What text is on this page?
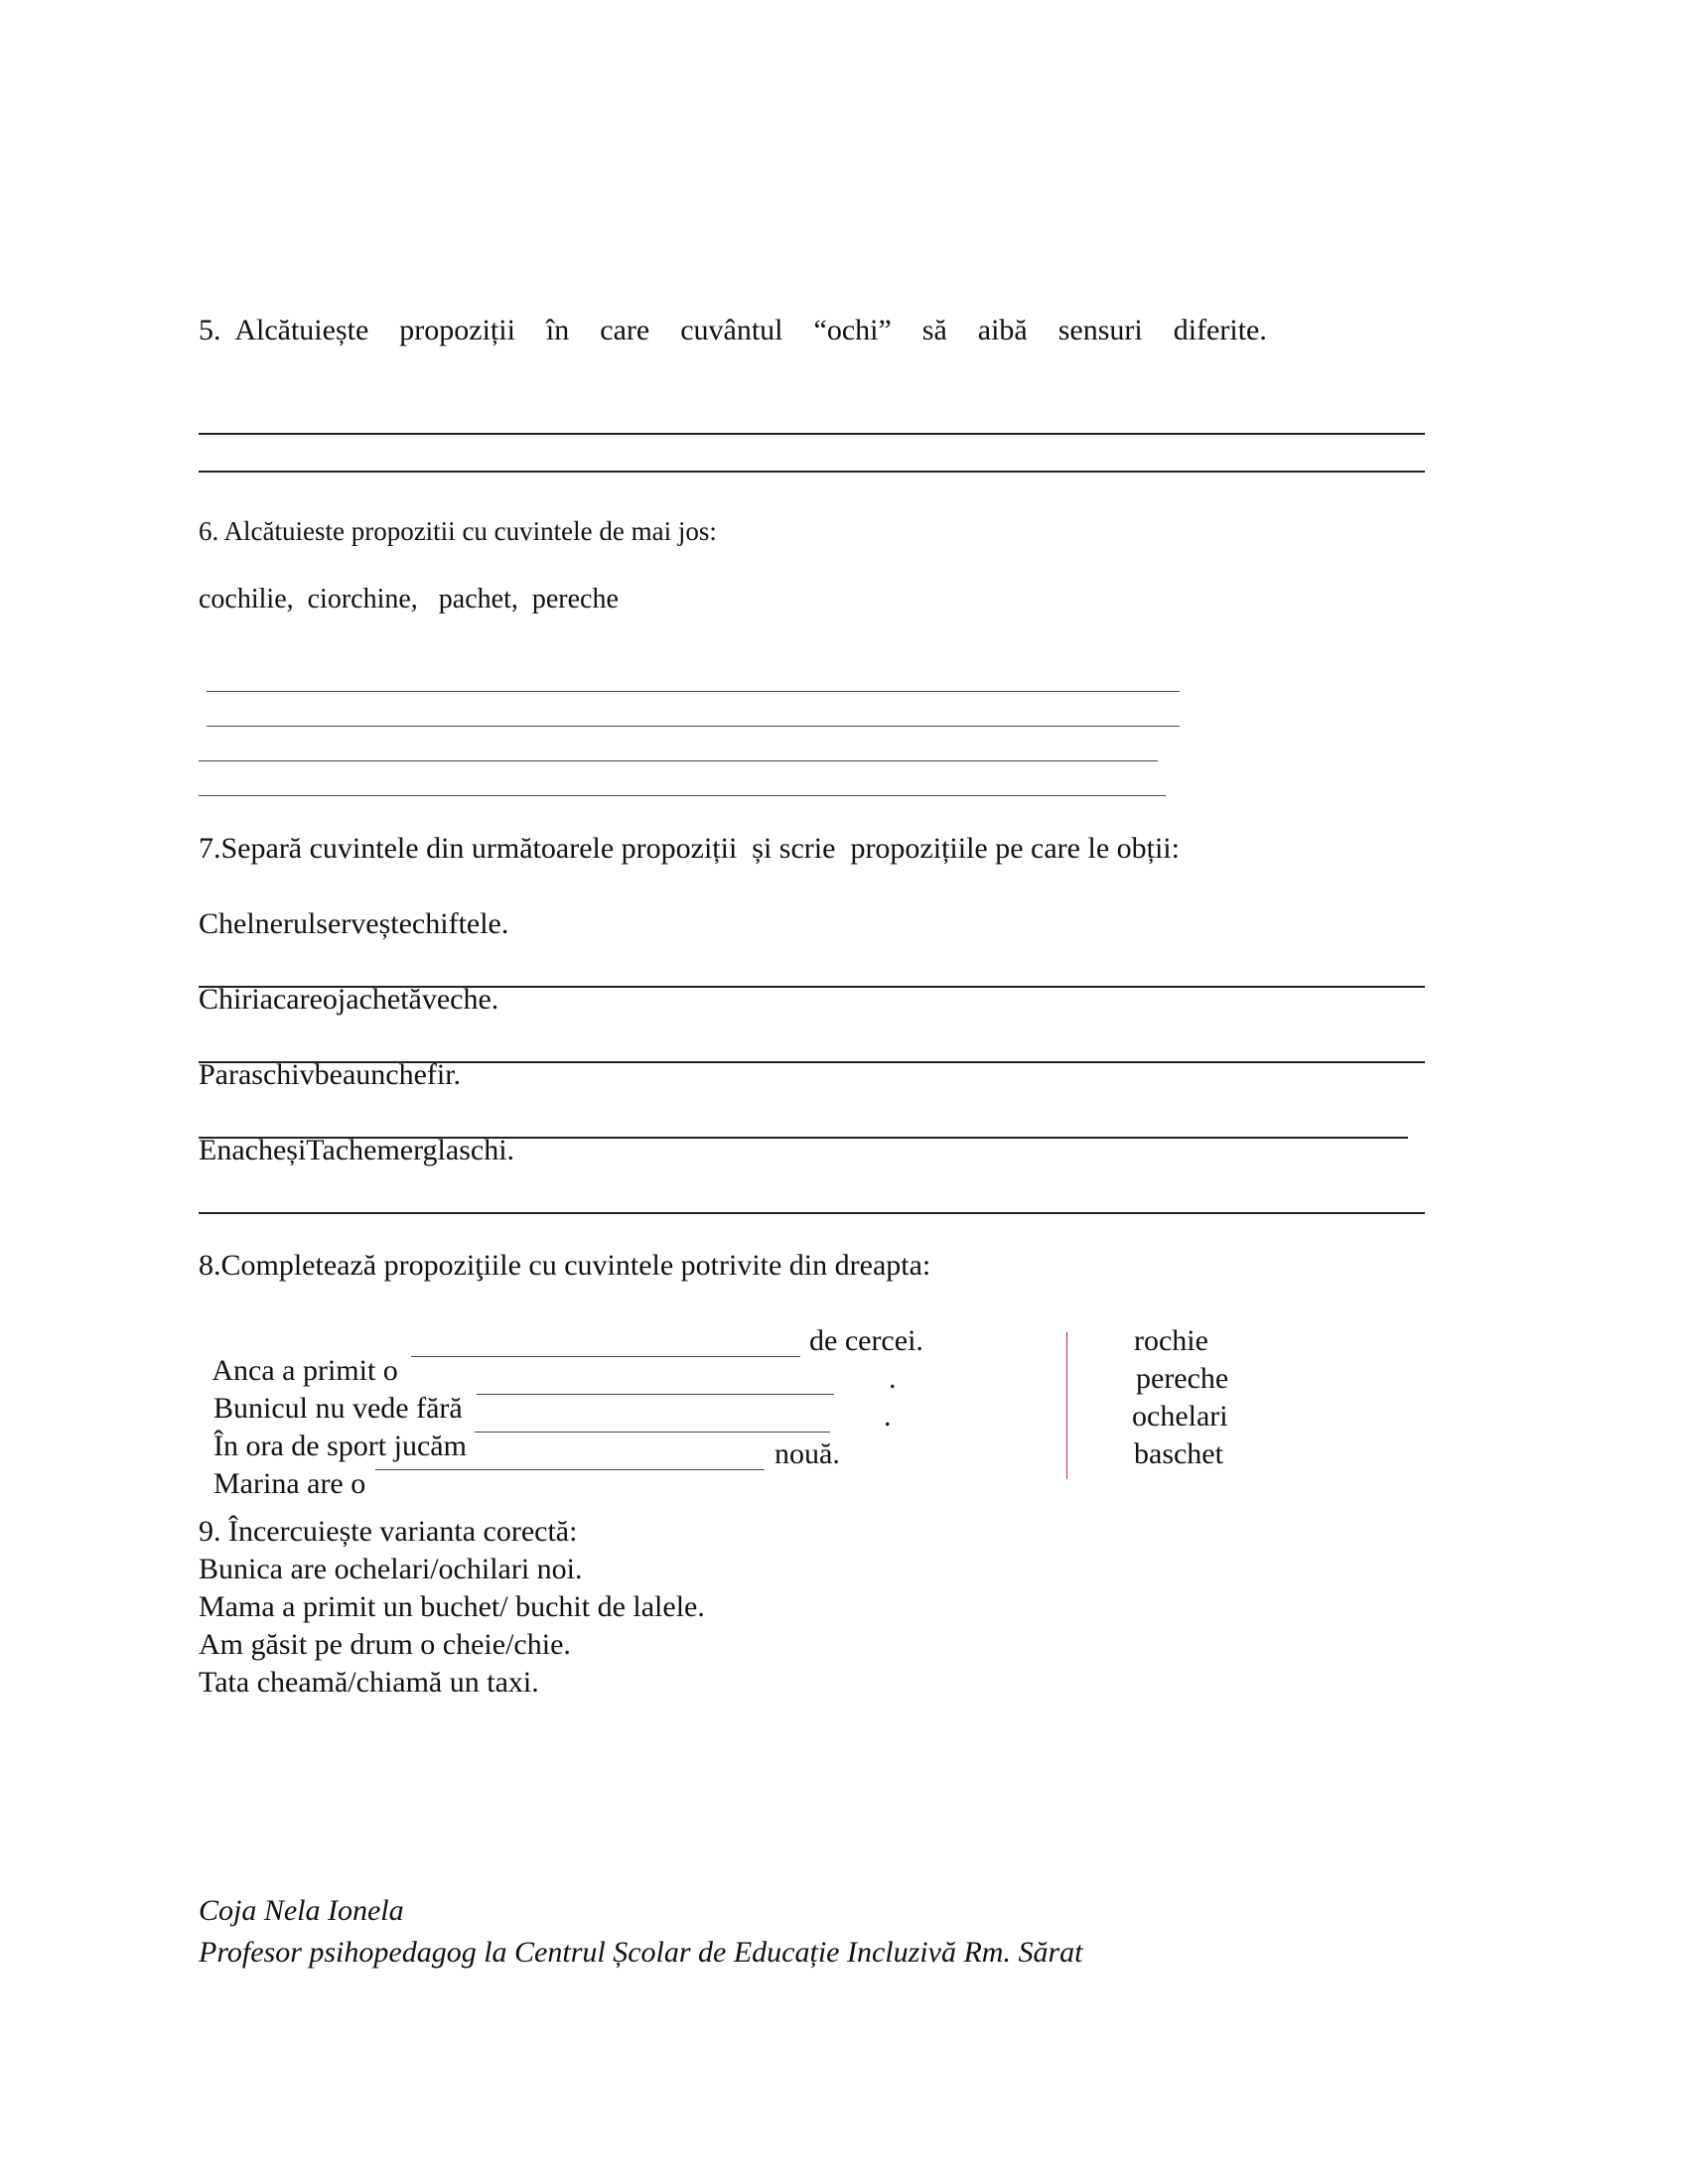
5. Alcătuiește  propoziții  în  care  cuvântul  “ochi”  să  aibă  sensuri  diferite.
6. Alcătuieste propozitii cu cuvintele de mai jos:
cochilie,  ciorchine,   pachet,  pereche
7.Separă cuvintele din următoarele propoziții  și scrie  propozițiile pe care le obții:
Chelnerulserveștechiftele.
Chiriacareojachetăveche.
Paraschivbeaunchefir.
EnacheșiTachemerglaschi.
8.Completează propoziţiile cu cuvintele potrivite din dreapta:

Anca a primit o

de cercei.

Bunicul nu vede fără

.

În ora de sport jucăm

.

Marina are o

nouă.
rochie
pereche
ochelari
baschet
9. Încercuiește varianta corectă:
Bunica are ochelari/ochilari noi.
Mama a primit un buchet/ buchit de lalele.
Am găsit pe drum o cheie/chie.
Tata cheamă/chiamă un taxi.
Coja Nela Ionela
Profesor psihopedagog la Centrul Școlar de Educație Incluzivă Rm. Sărat
